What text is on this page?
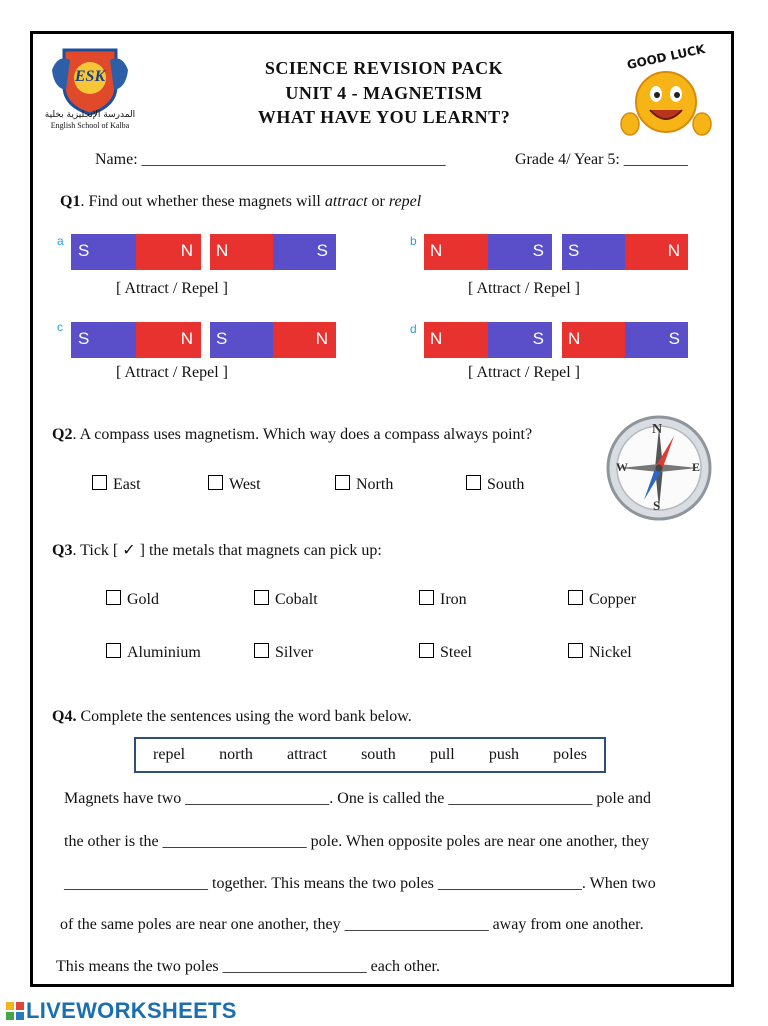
ESK
المدرسة الإنجليزية بخلية
English School of Kalba
SCIENCE REVISION PACK
UNIT 4 - MAGNETISM
WHAT HAVE YOU LEARNT?
GOOD LUCK
Name: ______________________________________	Grade 4/ Year 5: ________
Q1. Find out whether these magnets will attract or repel
a S	N N	S
[ Attract / Repel ]
b N	S S	N
[ Attract / Repel ]
c
S	N S	N
[ Attract / Repel ]
d N	S N	S
[ Attract / Repel ]
Q2. A compass uses magnetism. Which way does a compass always point?
East	West	North	South
N
S
E
W
Q3. Tick [ ✓ ] the metals that magnets can pick up:
Gold	Cobalt	Iron	Copper
Aluminium	Silver	Steel	Nickel
Q4. Complete the sentences using the word bank below.
repel north attract south pull push poles
Magnets have two __________________. One is called the __________________ pole and
the other is the __________________ pole. When opposite poles are near one another, they
__________________ together. This means the two poles __________________. When two
of the same poles are near one another, they __________________ away from one another.
This means the two poles __________________ each other.
LIVEWORKSHEETS
